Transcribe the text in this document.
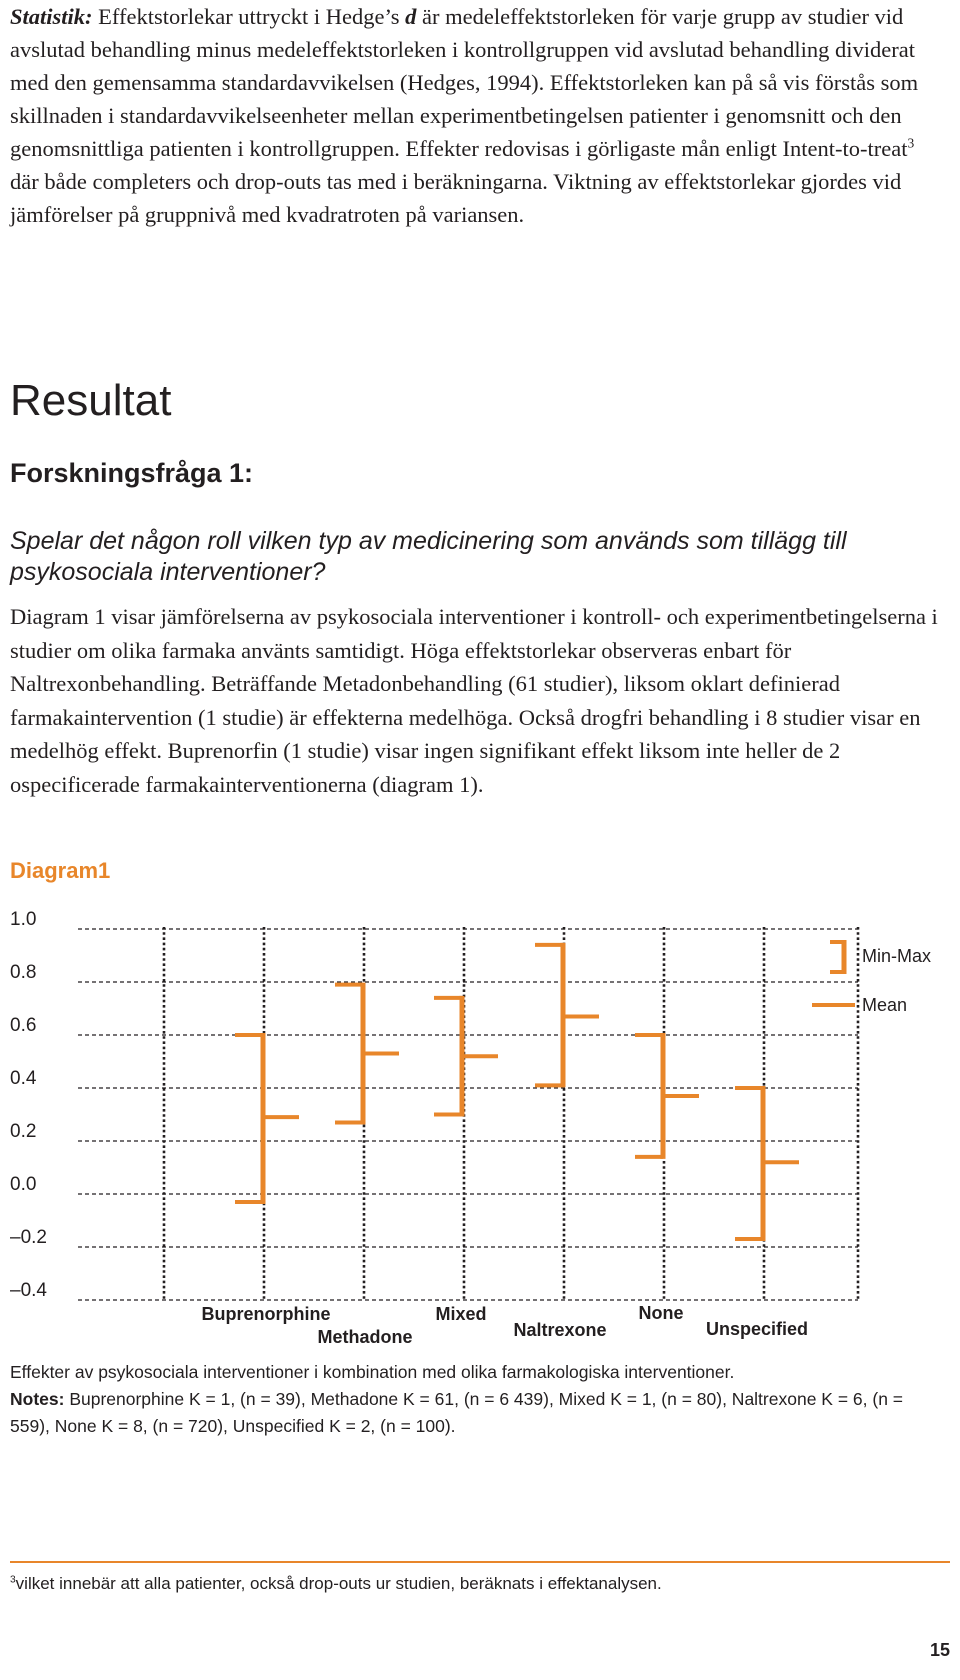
Statistik: Effektstorlekar uttryckt i Hedge’s d är medeleffektstorleken för varje grupp av studier vid avslutad behandling minus medeleffektstorleken i kontrollgruppen vid avslutad behandling dividerat med den gemensamma standardavvikelsen (Hedges, 1994). Effektstorleken kan på så vis förstås som skillnaden i standardavvikelseenheter mellan experimentbetingelsen patienter i genomsnitt och den genomsnittliga patienten i kontrollgruppen. Effekter redovisas i görligaste mån enligt Intent-to-treat$^3$ där både completers och drop-outs tas med i beräkningarna. Viktning av effektstorlekar gjordes vid jämförelser på gruppnivå med kvadratroten på variansen.

Resultat
Forskningsfråga 1:

Spelar det någon roll vilken typ av medicinering som används som tillägg till psykosociala interventioner?

Diagram 1 visar jämförelserna av psykosociala interventioner i kontroll- och experimentbetingelserna i studier om olika farmaka använts samtidigt. Höga effektstorlekar observeras enbart för Naltrexonbehandling. Beträffande Metadonbehandling (61 studier), liksom oklart definierad farmakaintervention (1 studie) är effekterna medelhöga. Också drogfri behandling i 8 studier visar en medelhög effekt. Buprenorfin (1 studie) visar ingen signifikant effekt liksom inte heller de 2 ospecificerade farmakainterventionerna (diagram 1).

Diagram1
1.0
0.8
0.6
0.4
0.2
0.0
–0.2
–0.4
Buprenorphine
Methadone
Mixed
Naltrexone
None
Unspecified
Min-Max
Mean

Effekter av psykosociala interventioner i kombination med olika farmakologiska interventioner.
Notes: Buprenorphine K = 1, (n = 39), Methadone K = 61, (n = 6 439), Mixed K = 1, (n = 80), Naltrexone K = 6, (n = 559), None K = 8, (n = 720), Unspecified K = 2, (n = 100).

$^3$vilket innebär att alla patienter, också drop-outs ur studien, beräknats i effektanalysen.

15
